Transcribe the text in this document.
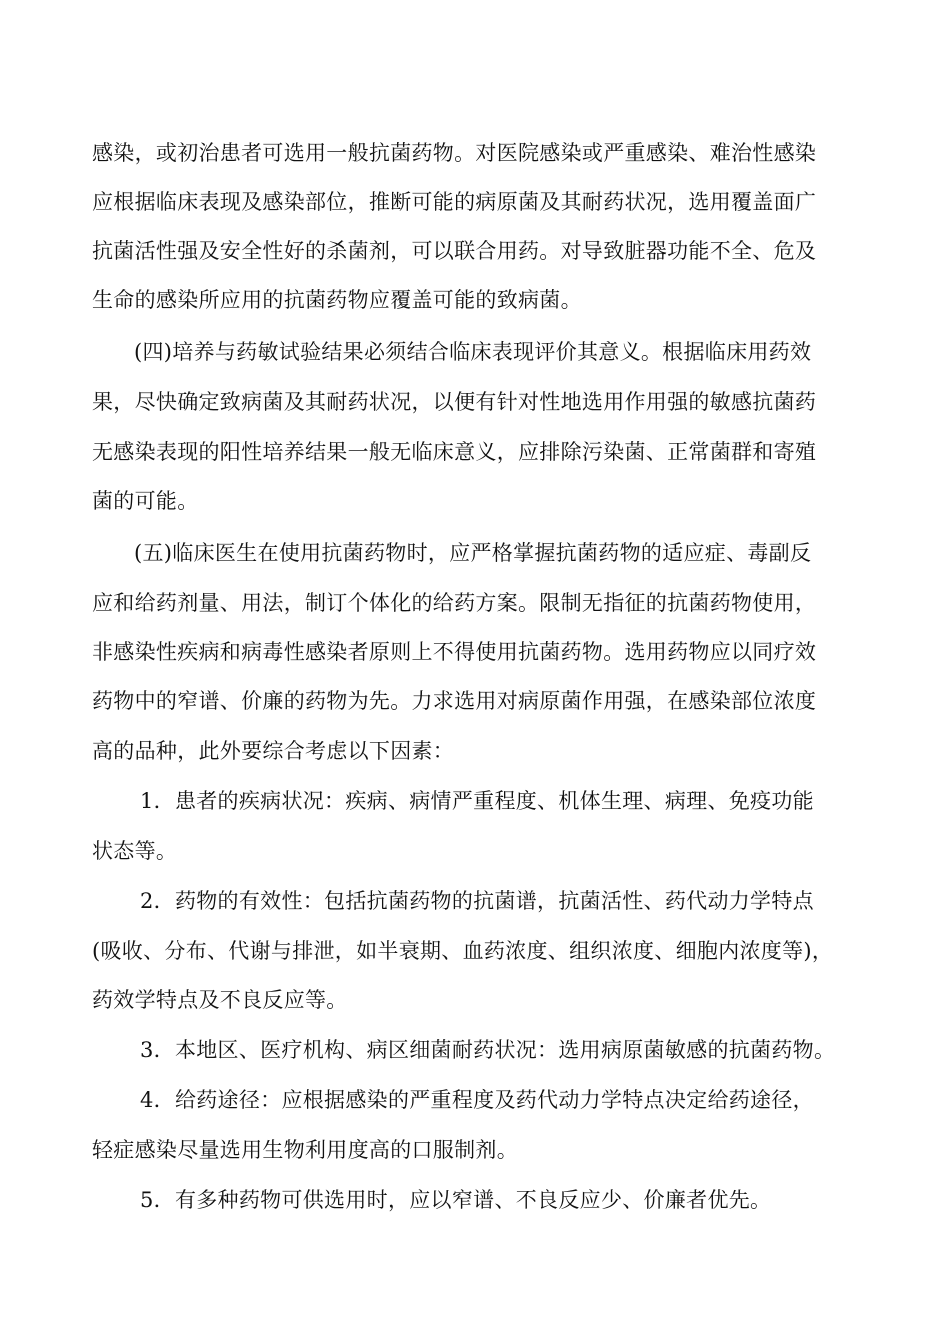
感染，或初治患者可选用一般抗菌药物。对医院感染或严重感染、难治性感染
应根据临床表现及感染部位，推断可能的病原菌及其耐药状况，选用覆盖面广
抗菌活性强及安全性好的杀菌剂，可以联合用药。对导致脏器功能不全、危及
生命的感染所应用的抗菌药物应覆盖可能的致病菌。
(四)培养与药敏试验结果必须结合临床表现评价其意义。根据临床用药效
果，尽快确定致病菌及其耐药状况，以便有针对性地选用作用强的敏感抗菌药
无感染表现的阳性培养结果一般无临床意义，应排除污染菌、正常菌群和寄殖
菌的可能。
(五)临床医生在使用抗菌药物时，应严格掌握抗菌药物的适应症、毒副反
应和给药剂量、用法，制订个体化的给药方案。限制无指征的抗菌药物使用，
非感染性疾病和病毒性感染者原则上不得使用抗菌药物。选用药物应以同疗效
药物中的窄谱、价廉的药物为先。力求选用对病原菌作用强，在感染部位浓度
高的品种，此外要综合考虑以下因素：
1．患者的疾病状况：疾病、病情严重程度、机体生理、病理、免疫功能
状态等。
2．药物的有效性：包括抗菌药物的抗菌谱，抗菌活性、药代动力学特点
(吸收、分布、代谢与排泄，如半衰期、血药浓度、组织浓度、细胞内浓度等)，
药效学特点及不良反应等。
3．本地区、医疗机构、病区细菌耐药状况：选用病原菌敏感的抗菌药物。
4．给药途径：应根据感染的严重程度及药代动力学特点决定给药途径，
轻症感染尽量选用生物利用度高的口服制剂。
5．有多种药物可供选用时，应以窄谱、不良反应少、价廉者优先。
